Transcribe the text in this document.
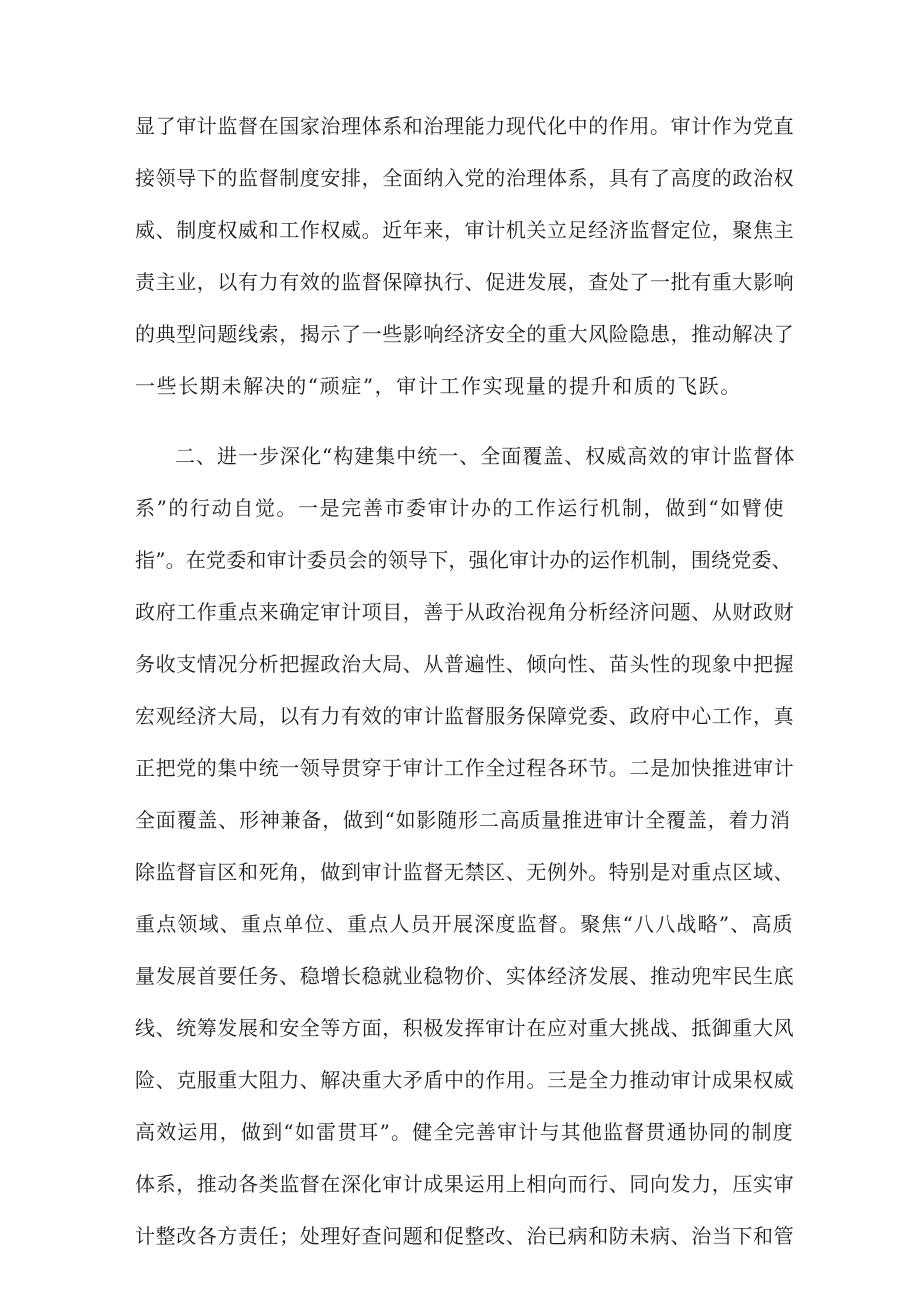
显了审计监督在国家治理体系和治理能力现代化中的作用。审计作为党直
接领导下的监督制度安排，全面纳入党的治理体系，具有了高度的政治权
威、制度权威和工作权威。近年来，审计机关立足经济监督定位，聚焦主
责主业，以有力有效的监督保障执行、促进发展，查处了一批有重大影响
的典型问题线索，揭示了一些影响经济安全的重大风险隐患，推动解决了
一些长期未解决的“顽症”，审计工作实现量的提升和质的飞跃。
二、进一步深化“构建集中统一、全面覆盖、权威高效的审计监督体
系”的行动自觉。一是完善市委审计办的工作运行机制，做到“如臂使
指”。在党委和审计委员会的领导下，强化审计办的运作机制，围绕党委、
政府工作重点来确定审计项目，善于从政治视角分析经济问题、从财政财
务收支情况分析把握政治大局、从普遍性、倾向性、苗头性的现象中把握
宏观经济大局，以有力有效的审计监督服务保障党委、政府中心工作，真
正把党的集中统一领导贯穿于审计工作全过程各环节。二是加快推进审计
全面覆盖、形神兼备，做到“如影随形二高质量推进审计全覆盖，着力消
除监督盲区和死角，做到审计监督无禁区、无例外。特别是对重点区域、
重点领域、重点单位、重点人员开展深度监督。聚焦“八八战略”、高质
量发展首要任务、稳增长稳就业稳物价、实体经济发展、推动兜牢民生底
线、统筹发展和安全等方面，积极发挥审计在应对重大挑战、抵御重大风
险、克服重大阻力、解决重大矛盾中的作用。三是全力推动审计成果权威
高效运用，做到“如雷贯耳”。健全完善审计与其他监督贯通协同的制度
体系，推动各类监督在深化审计成果运用上相向而行、同向发力，压实审
计整改各方责任；处理好查问题和促整改、治已病和防未病、治当下和管
